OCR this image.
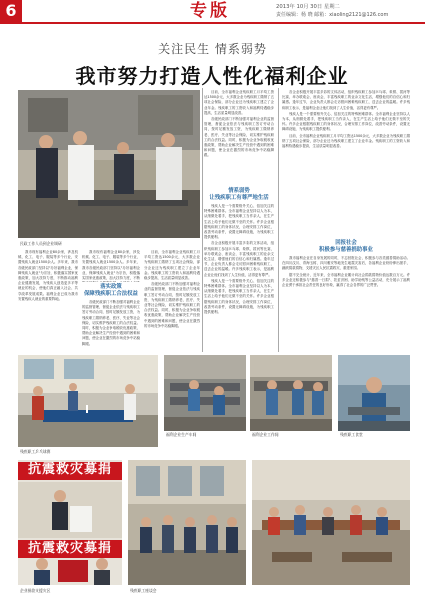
6	专版	2013年 10月 30日 星期二
责任编辑：杨 晓 邮箱：xiaoling2121@126.com
关注民生 情系弱势
我市努力打造人性化福利企业
民政工作人员到企业调研

我市现有福利企业80余家，涉及机械、化工、电子、服装等多个行业，安置残疾人就业1500余人。多年来，我市各级民政部门坚持以"办好福利企业，保障残疾人就业"为宗旨，积极落实国家优惠政策，加大扶持力度，不断推动福利企业健康发展，为残疾人创造更多平等就业的机会，使他们真正融入社会、共享改革发展成果。福利企业已成为我市安置残疾人就业的重要阵地。

我市现有福利企业80余家，涉及机械、化工、电子、服装等多个行业，安置残疾人就业1500余人。多年来，我市各级民政部门坚持以"办好福利企业，保障残疾人就业"为宗旨，积极落实国家优惠政策，加大扶持力度，不断

落实政策
保障残疾职工合法权益

各级民政部门不断加强对福利企业的监督管理，督促企业依法与残疾职工签订劳动合同，按时足额发放工资，为残疾职工缴纳养老、医疗、失业等社会保险，切实维护残疾职工的合法权益。同时，积极为企业争取税收优惠政策，帮助企业解决生产经营中遇到的困难和问题，使企业在激烈的市场竞争中站稳脚跟。

目前，全市福利企业残疾职工月平均工资达1500余元，大多数企业为残疾职工缴纳了五项社会保险，部分企业还为残疾职工建立了企业年金。残疾职工的工资收入和福利待遇稳步提高，生活质量明显改善。

各级民政部门不断加强对福利企业的监督管理，督促企业依法与残疾职工签订劳动合同，按时足额发放工资，为残疾职工缴纳养老、医疗、失业等社会保险，切实维护残疾职工的合法权益。同时，积极为企业争取税收优惠政策，帮助企业解决生产经营中遇到的困难和问题，使企业在激烈的市场竞争中站稳脚跟。

目前，全市福利企业残疾职工月平均工资达1500余元，大多数企业为残疾职工缴纳了五项社会保险，部分企业还为残疾职工建立了企业年金。残疾职工的工资收入和福利待遇稳步提高，生活质量明显改善。

各级民政部门不断加强对福利企业的监督管理，督促企业依法与残疾职工签订劳动合同，按时足额发放工资，为残疾职工缴纳养老、医疗、失业等社会保险，切实维护残疾职工的合法权益。同时，积极为企业争取税收优惠政策，帮助企业解决生产经营中遇到的困难和问题，使企业在激烈的市场竞争中站稳脚跟。

情系弱势
让残疾职工有尊严地生活

残疾人是一个需要格外关心、倍加关注的特殊困难群体。全市福利企业坚持以人为本，从细微处着手，把残疾职工当作亲人，在生产生活上给予他们无微不至的关怀。许多企业根据残疾职工的身体状况，合理安排工作岗位，改善劳动条件，设置无障碍设施，为残疾职工提供便利。

各企业积极开展丰富多彩的文体活动，组织残疾职工参加乒乓球、象棋、拔河等比赛，举办联欢会、座谈会，丰富残疾职工的业余文化生活，增强他们的自信心和归属感。逢年过节，企业负责人都会走访慰问困难残疾职工，送去企业的温暖。许多残疾职工表示，是福利企业让他们找到了人生价值，活得更有尊严。

残疾人是一个需要格外关心、倍加关注的特殊困难群体。全市福利企业坚持以人为本，从细微处着手，把残疾职工当作亲人，在生产生活上给予他们无微不至的关怀。许多企业根据残疾职工的身体状况，合理安排工作岗位，改善劳动条件，设置无障碍设施，为残疾职工提供便利。

各企业积极开展丰富多彩的文体活动，组织残疾职工参加乒乓球、象棋、拔河等比赛，举办联欢会、座谈会，丰富残疾职工的业余文化生活，增强他们的自信心和归属感。逢年过节，企业负责人都会走访慰问困难残疾职工，送去企业的温暖。许多残疾职工表示，是福利企业让他们找到了人生价值，活得更有尊严。

残疾人是一个需要格外关心、倍加关注的特殊困难群体。全市福利企业坚持以人为本，从细微处着手，把残疾职工当作亲人，在生产生活上给予他们无微不至的关怀。许多企业根据残疾职工的身体状况，合理安排工作岗位，改善劳动条件，设置无障碍设施，为残疾职工提供便利。

目前，全市福利企业残疾职工月平均工资达1500余元，大多数企业为残疾职工缴纳了五项社会保险，部分企业还为残疾职工建立了企业年金。残疾职工的工资收入和福利待遇稳步提高，生活质量明显改善。

回报社会
积极参与慈善捐助事业

我市福利企业在自身发展的同时，不忘回报社会，积极参与各类慈善捐助活动。在四川汶川、青海玉树、四川雅安等地发生地震灾害后，各福利企业纷纷伸出援手，踊跃捐款捐物，支援灾区人民抗震救灾、重建家园。

据不完全统计，近年来，全市福利企业累计向社会捐款捐物价值达数百万元。许多企业还积极参与"慈善一日捐"、扶贫济困、助学助残等公益活动，充分展示了福利企业勇于承担社会责任的良好形象，赢得了社会各界的广泛赞誉。

残疾职工乒乓球赛
福利企业生产车间	福利企业工作间	残疾职工食堂
抗震救灾募捐
抗震救灾募捐
企业捐款支援灾区	残疾职工座谈会
